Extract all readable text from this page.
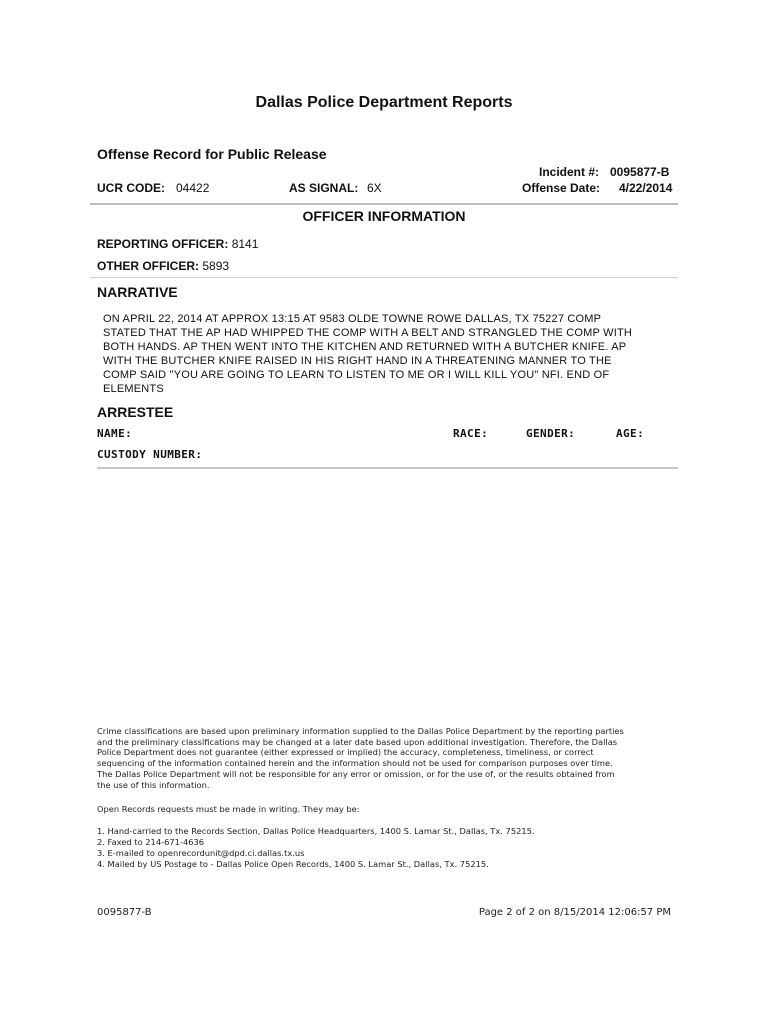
Dallas Police Department Reports
Offense Record for Public Release
Incident #: 0095877-B
UCR CODE: 04422	AS SIGNAL: 6X	Offense Date: 4/22/2014
OFFICER INFORMATION
REPORTING OFFICER: 8141
OTHER OFFICER: 5893
NARRATIVE
ON APRIL 22, 2014 AT APPROX 13:15 AT 9583 OLDE TOWNE ROWE DALLAS, TX 75227 COMP
STATED THAT THE AP HAD WHIPPED THE COMP WITH A BELT AND STRANGLED THE COMP WITH
BOTH HANDS. AP THEN WENT INTO THE KITCHEN AND RETURNED WITH A BUTCHER KNIFE. AP
WITH THE BUTCHER KNIFE RAISED IN HIS RIGHT HAND IN A THREATENING MANNER TO THE
COMP SAID "YOU ARE GOING TO LEARN TO LISTEN TO ME OR I WILL KILL YOU" NFI. END OF
ELEMENTS
ARRESTEE
NAME:	RACE:	GENDER:	AGE:
CUSTODY NUMBER:
Crime classifications are based upon preliminary information supplied to the Dallas Police Department by the reporting parties
and the preliminary classifications may be changed at a later date based upon additional investigation. Therefore, the Dallas
Police Department does not guarantee (either expressed or implied) the accuracy, completeness, timeliness, or correct
sequencing of the information contained herein and the information should not be used for comparison purposes over time.
The Dallas Police Department will not be responsible for any error or omission, or for the use of, or the results obtained from
the use of this information.
Open Records requests must be made in writing. They may be:
1. Hand-carried to the Records Section, Dallas Police Headquarters, 1400 S. Lamar St., Dallas, Tx. 75215.
2. Faxed to 214-671-4636
3. E-mailed to openrecordunit@dpd.ci.dallas.tx.us
4. Mailed by US Postage to - Dallas Police Open Records, 1400 S. Lamar St., Dallas, Tx. 75215.
0095877-B	Page 2 of 2 on 8/15/2014 12:06:57 PM
